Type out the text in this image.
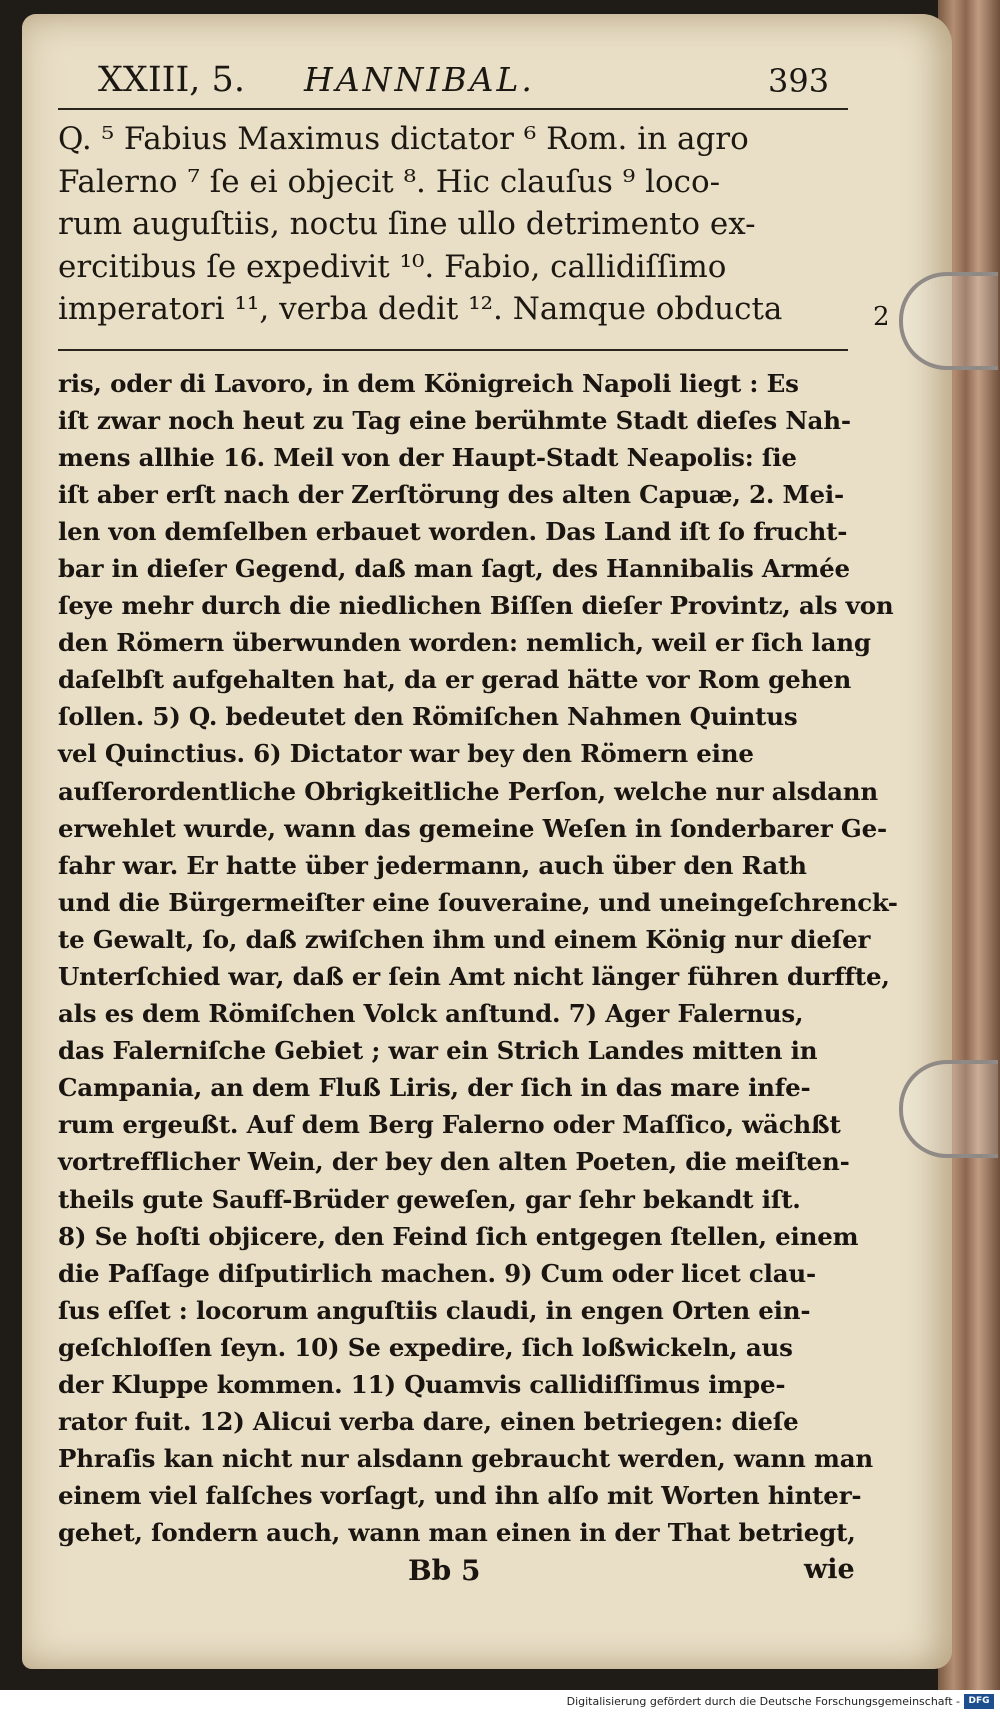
XXIII, 5. HANNIBAL.	393
Q. ⁵ Fabius Maximus dictator ⁶ Rom. in agro
Falerno ⁷ ſe ei objecit ⁸. Hic clauſus ⁹ loco-
rum auguſtiis, noctu ſine ullo detrimento ex-
ercitibus ſe expedivit ¹⁰. Fabio, callidiſſimo
imperatori ¹¹, verba dedit ¹². Namque obducta	2
ris, oder di Lavoro, in dem Königreich Napoli liegt : Es
iſt zwar noch heut zu Tag eine berühmte Stadt dieſes Nah-
mens allhie 16. Meil von der Haupt-Stadt Neapolis: ſie
iſt aber erſt nach der Zerſtörung des alten Capuæ, 2. Mei-
len von demſelben erbauet worden. Das Land iſt ſo frucht-
bar in dieſer Gegend, daß man ſagt, des Hannibalis Armée
ſeye mehr durch die niedlichen Biſſen dieſer Provintz, als von
den Römern überwunden worden: nemlich, weil er ſich lang
daſelbſt aufgehalten hat, da er gerad hätte vor Rom gehen
ſollen. 5) Q. bedeutet den Römiſchen Nahmen Quintus
vel Quinctius. 6) Dictator war bey den Römern eine
auſſerordentliche Obrigkeitliche Perſon, welche nur alsdann
erwehlet wurde, wann das gemeine Weſen in ſonderbarer Ge-
fahr war. Er hatte über jedermann, auch über den Rath
und die Bürgermeiſter eine ſouveraine, und uneingeſchrenck-
te Gewalt, ſo, daß zwiſchen ihm und einem König nur dieſer
Unterſchied war, daß er ſein Amt nicht länger führen durffte,
als es dem Römiſchen Volck anſtund. 7) Ager Falernus,
das Falerniſche Gebiet ; war ein Strich Landes mitten in
Campania, an dem Fluß Liris, der ſich in das mare infe-
rum ergeußt. Auf dem Berg Falerno oder Maſſico, wächßt
vortrefflicher Wein, der bey den alten Poeten, die meiſten-
theils gute Sauff-Brüder geweſen, gar ſehr bekandt iſt.
8) Se hoſti objicere, den Feind ſich entgegen ſtellen, einem
die Paſſage diſputirlich machen. 9) Cum oder licet clau-
ſus eſſet : locorum anguſtiis claudi, in engen Orten ein-
geſchloſſen ſeyn. 10) Se expedire, ſich loßwickeln, aus
der Kluppe kommen. 11) Quamvis callidiſſimus impe-
rator fuit. 12) Alicui verba dare, einen betriegen: dieſe
Phraſis kan nicht nur alsdann gebraucht werden, wann man
einem viel falſches vorſagt, und ihn alſo mit Worten hinter-
gehet, ſondern auch, wann man einen in der That betriegt,
Bb 5	wie
Digitalisierung gefördert durch die Deutsche Forschungsgemeinschaft - DFG
